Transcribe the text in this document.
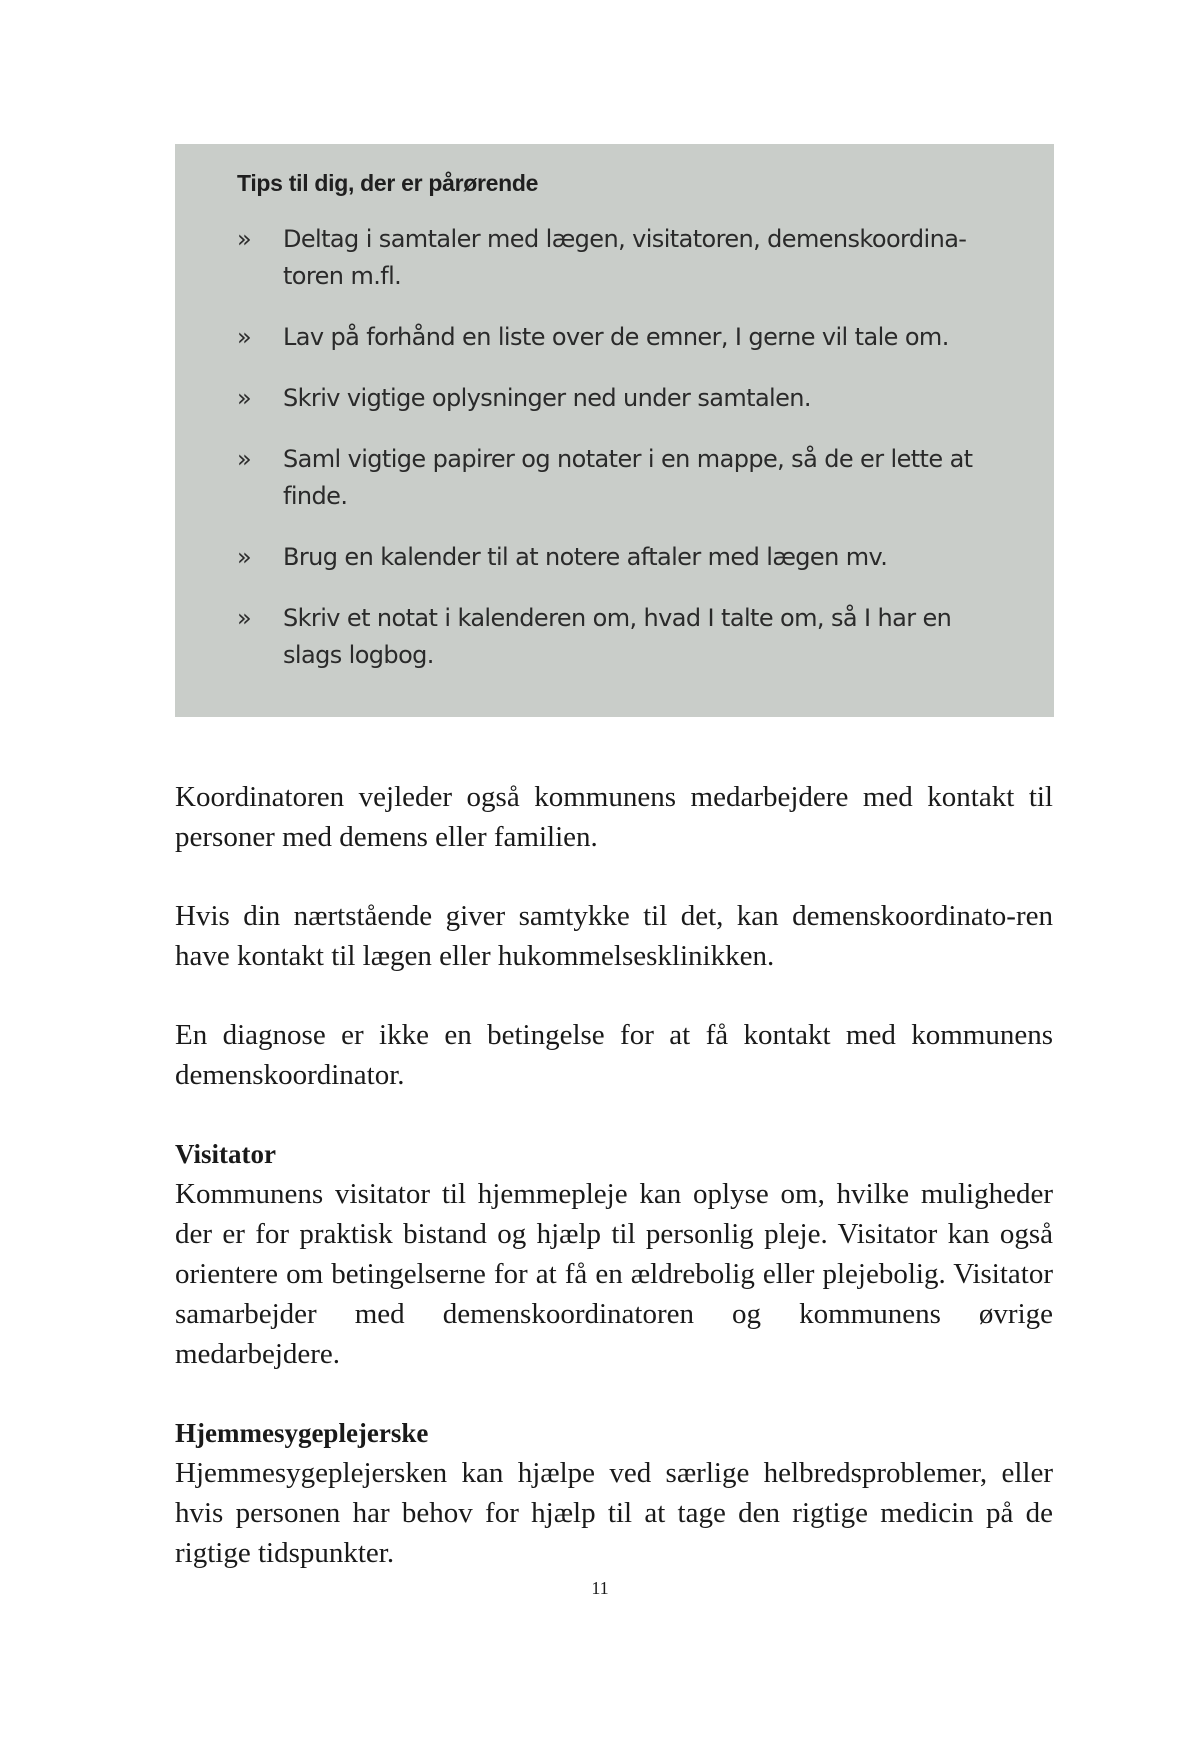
Tips til dig, der er pårørende
» Deltag i samtaler med lægen, visitatoren, demenskoordina-toren m.fl.
» Lav på forhånd en liste over de emner, I gerne vil tale om.
» Skriv vigtige oplysninger ned under samtalen.
» Saml vigtige papirer og notater i en mappe, så de er lette at finde.
» Brug en kalender til at notere aftaler med lægen mv.
» Skriv et notat i kalenderen om, hvad I talte om, så I har en slags logbog.

Koordinatoren vejleder også kommunens medarbejdere med kontakt til personer med demens eller familien.

Hvis din nærtstående giver samtykke til det, kan demenskoordinato-ren have kontakt til lægen eller hukommelsesklinikken.

En diagnose er ikke en betingelse for at få kontakt med kommunens demenskoordinator.

Visitator

Kommunens visitator til hjemmepleje kan oplyse om, hvilke muligheder der er for praktisk bistand og hjælp til personlig pleje. Visitator kan også orientere om betingelserne for at få en ældrebolig eller plejebolig. Visitator samarbejder med demenskoordinatoren og kommunens øvrige medarbejdere.

Hjemmesygeplejerske

Hjemmesygeplejersken kan hjælpe ved særlige helbredsproblemer, eller hvis personen har behov for hjælp til at tage den rigtige medicin på de rigtige tidspunkter.

11
